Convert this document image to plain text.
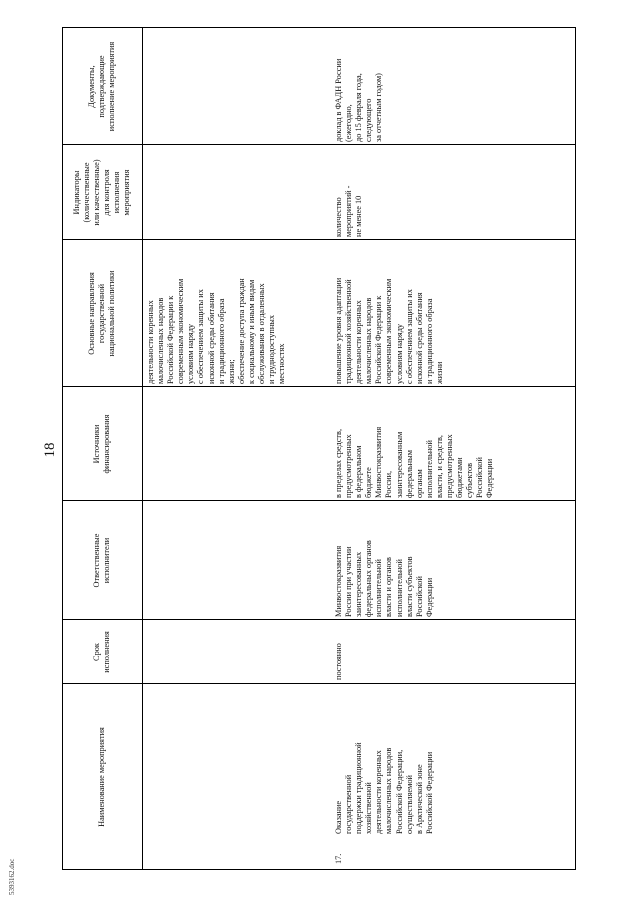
18
Наименование мероприятия
Срок
исполнения
Ответственные
исполнители
Источники
финансирования
Основные направления
государственной
национальной политики
Индикаторы
(количественные
или качественные)
для контроля
исполнения
мероприятия
Документы,
подтверждающие
исполнение мероприятия
деятельности коренных
малочисленных народов
Российской Федерации к
современным экономическим
условиям наряду
с обеспечением защиты их
исконной среды обитания
и традиционного образа
жизни;
обеспечение доступа граждан
к социальному и иным видам
обслуживания в отдаленных
и труднодоступных
местностях
17.
Оказание
государственной
поддержки традиционной
хозяйственной
деятельности коренных
малочисленных народов
Российской Федерации,
осуществляемой
в Арктической зоне
Российской Федерации
постоянно
Минвостокразвития
России при участии
заинтересованных
федеральных органов
исполнительной
власти и органов
исполнительной
власти субъектов
Российской
Федерации
в пределах средств,
предусмотренных
в федеральном
бюджете
Минвостокразвития
России,
заинтересованным
федеральным
органам
исполнительной
власти, и средств,
предусмотренных
бюджетами
субъектов
Российской
Федерации
повышение уровня адаптации
традиционной хозяйственной
деятельности коренных
малочисленных народов
Российской Федерации к
современным экономическим
условиям наряду
с обеспечением защиты их
исконной среды обитания
и традиционного образа
жизни
количество
мероприятий -
не менее 10
доклад в ФАДН России
(ежегодно,
до 15 февраля года,
следующего
за отчетным годом)
5393162.doc
